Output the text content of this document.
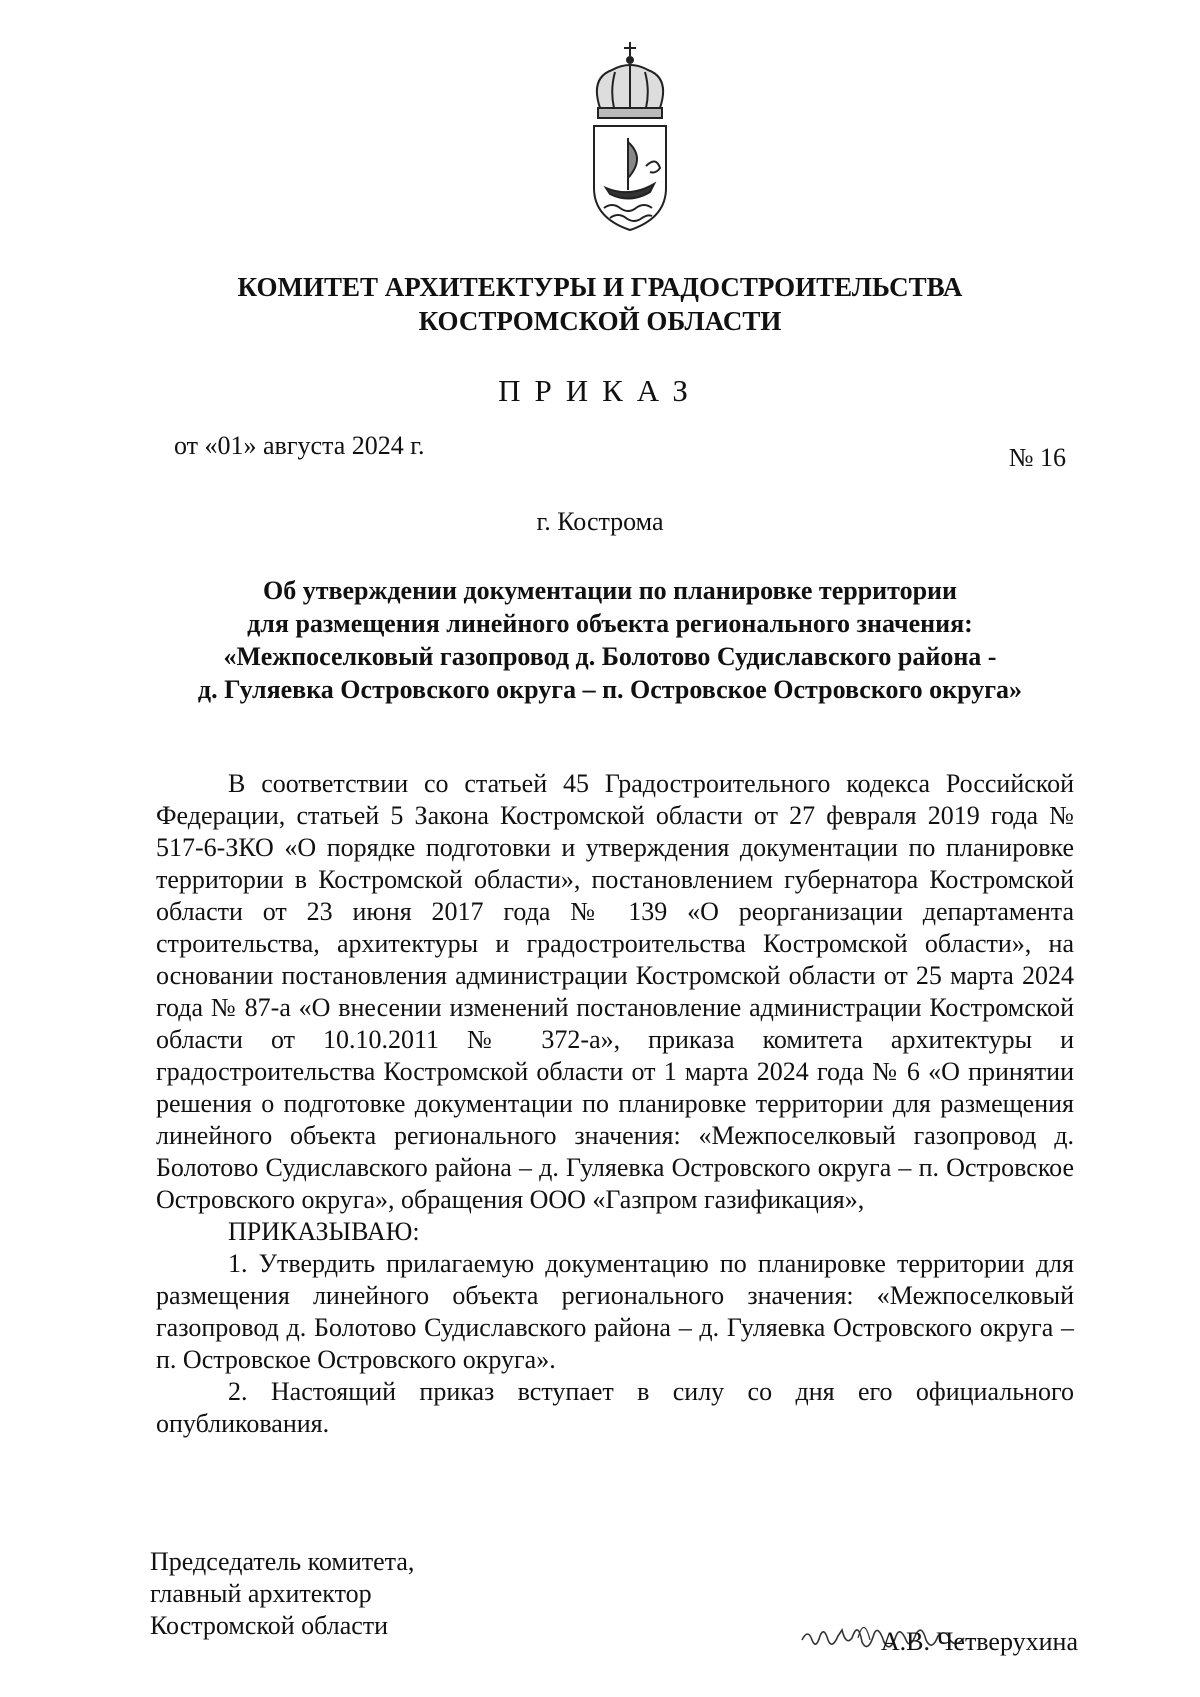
КОМИТЕТ АРХИТЕКТУРЫ И ГРАДОСТРОИТЕЛЬСТВА
КОСТРОМСКОЙ ОБЛАСТИ
ПРИКАЗ
от «01» августа 2024 г.	№ 16
г. Кострома
Об утверждении документации по планировке территории
для размещения линейного объекта регионального значения:
«Межпоселковый газопровод д. Болотово Судиславского района -
д. Гуляевка Островского округа – п. Островское Островского округа»

В соответствии со статьей 45 Градостроительного кодекса Российской Федерации, статьей 5 Закона Костромской области от 27 февраля 2019 года № 517-6-ЗКО «О порядке подготовки и утверждения документации по планировке территории в Костромской области», постановлением губернатора Костромской области от 23 июня 2017 года № 139 «О реорганизации департамента строительства, архитектуры и градостроительства Костромской области», на основании постановления администрации Костромской области от 25 марта 2024 года № 87-а «О внесении изменений постановление администрации Костромской области от 10.10.2011 № 372-а», приказа комитета архитектуры и градостроительства Костромской области от 1 марта 2024 года № 6 «О принятии решения о подготовке документации по планировке территории для размещения линейного объекта регионального значения: «Межпоселковый газопровод д. Болотово Судиславского района – д. Гуляевка Островского округа – п. Островское Островского округа», обращения ООО «Газпром газификация»,

ПРИКАЗЫВАЮ:

1. Утвердить прилагаемую документацию по планировке территории для размещения линейного объекта регионального значения: «Межпоселковый газопровод д. Болотово Судиславского района – д. Гуляевка Островского округа – п. Островское Островского округа».

2. Настоящий приказ вступает в силу со дня его официального опубликования.

Председатель комитета,
главный архитектор
Костромской области
А.В. Четверухина
